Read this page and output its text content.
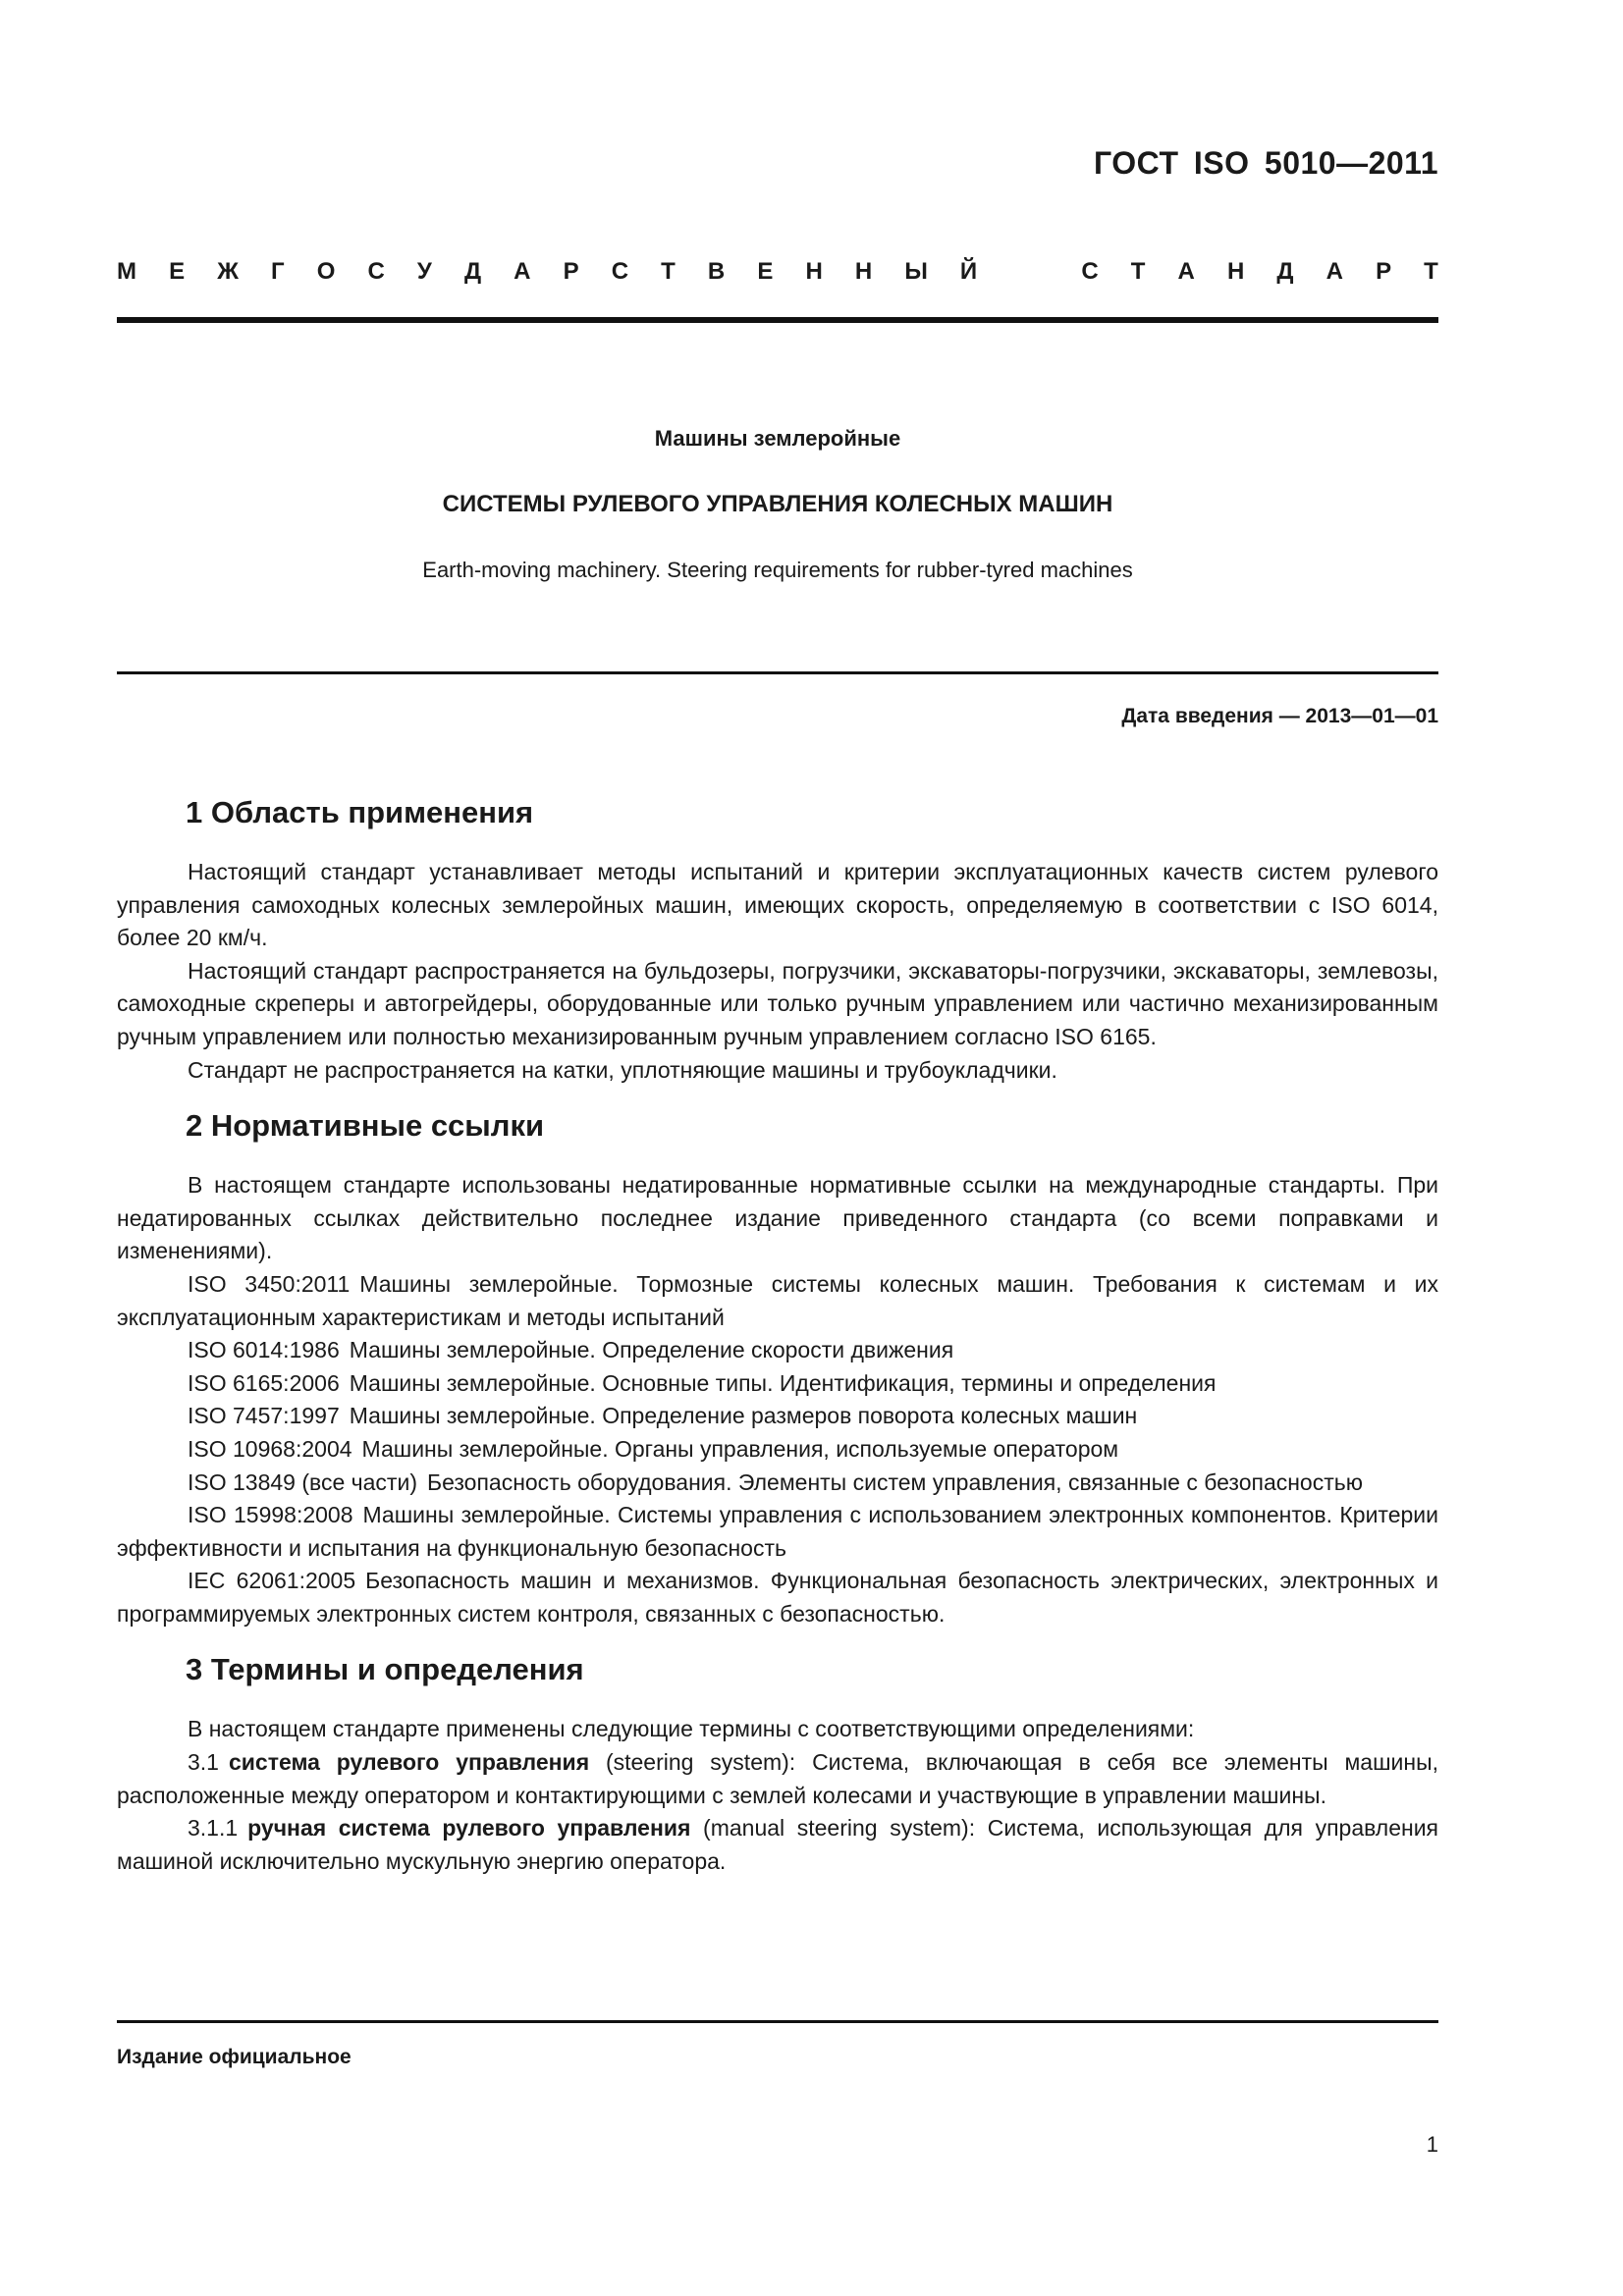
ГОСТ ISO 5010—2011
М Е Ж Г О С У Д А Р С Т В Е Н Н Ы Й	С Т А Н Д А Р Т
Машины землеройные
СИСТЕМЫ РУЛЕВОГО УПРАВЛЕНИЯ КОЛЕСНЫХ МАШИН
Earth-moving machinery. Steering requirements for rubber-tyred machines
Дата введения — 2013—01—01
1 Область применения

Настоящий стандарт устанавливает методы испытаний и критерии эксплуатационных качеств систем рулевого управления самоходных колесных землеройных машин, имеющих скорость, определяемую в соответствии с ISO 6014, более 20 км/ч.

Настоящий стандарт распространяется на бульдозеры, погрузчики, экскаваторы-погрузчики, экскаваторы, землевозы, самоходные скреперы и автогрейдеры, оборудованные или только ручным управлением или частично механизированным ручным управлением или полностью механизированным ручным управлением согласно ISO 6165.

Стандарт не распространяется на катки, уплотняющие машины и трубоукладчики.

2 Нормативные ссылки

В настоящем стандарте использованы недатированные нормативные ссылки на международные стандарты. При недатированных ссылках действительно последнее издание приведенного стандарта (со всеми поправками и изменениями).

ISO 3450:2011 Машины землеройные. Тормозные системы колесных машин. Требования к системам и их эксплуатационным характеристикам и методы испытаний

ISO 6014:1986 Машины землеройные. Определение скорости движения

ISO 6165:2006 Машины землеройные. Основные типы. Идентификация, термины и определения

ISO 7457:1997 Машины землеройные. Определение размеров поворота колесных машин

ISO 10968:2004 Машины землеройные. Органы управления, используемые оператором

ISO 13849 (все части) Безопасность оборудования. Элементы систем управления, связанные с безопасностью

ISO 15998:2008 Машины землеройные. Системы управления с использованием электронных компонентов. Критерии эффективности и испытания на функциональную безопасность

IEC 62061:2005 Безопасность машин и механизмов. Функциональная безопасность электрических, электронных и программируемых электронных систем контроля, связанных с безопасностью.

3 Термины и определения

В настоящем стандарте применены следующие термины с соответствующими определениями:

3.1 система рулевого управления (steering system): Система, включающая в себя все элементы машины, расположенные между оператором и контактирующими с землей колесами и участвующие в управлении машины.

3.1.1 ручная система рулевого управления (manual steering system): Система, использующая для управления машиной исключительно мускульную энергию оператора.

Издание официальное
1
